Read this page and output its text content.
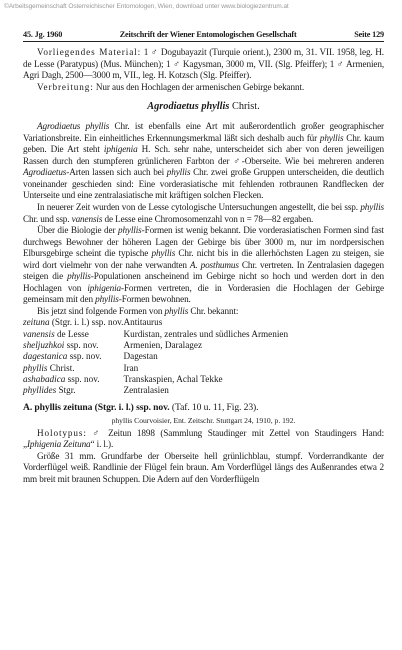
©Arbeitsgemeinschaft Österreichischer Entomologen, Wien, download unter www.biologiezentrum.at
45. Jg. 1960	Zeitschrift der Wiener Entomologischen Gesellschaft	Seite 129

Vorliegendes Material: 1 ♂ Dogubayazit (Turquie orient.), 2300 m, 31. VII. 1958, leg. H. de Lesse (Paratypus) (Mus. München); 1 ♂ Kagysman, 3000 m, VII. (Slg. Pfeiffer); 1 ♂ Armenien, Agri Dagh, 2500—3000 m, VII., leg. H. Kotzsch (Slg. Pfeiffer).

Verbreitung: Nur aus den Hochlagen der armenischen Gebirge bekannt.

Agrodiaetus phyllis Christ.

Agrodiaetus phyllis Chr. ist ebenfalls eine Art mit außerordentlich großer geographischer Variationsbreite. Ein einheitliches Erkennungsmerkmal läßt sich deshalb auch für phyllis Chr. kaum geben. Die Art steht iphigenia H. Sch. sehr nahe, unterscheidet sich aber von deren jeweiligen Rassen durch den stumpferen grünlicheren Farbton der ♂-Oberseite. Wie bei mehreren anderen Agrodiaetus-Arten lassen sich auch bei phyllis Chr. zwei große Gruppen unterscheiden, die deutlich voneinander geschieden sind: Eine vorderasiatische mit fehlenden rotbraunen Randflecken der Unterseite und eine zentralasiatische mit kräftigen solchen Flecken.

In neuerer Zeit wurden von de Lesse cytologische Untersuchungen angestellt, die bei ssp. phyllis Chr. und ssp. vanensis de Lesse eine Chromosomenzahl von n = 78—82 ergaben.

Über die Biologie der phyllis-Formen ist wenig bekannt. Die vorderasiatischen Formen sind fast durchwegs Bewohner der höheren Lagen der Gebirge bis über 3000 m, nur im nordpersischen Elbursgebirge scheint die typische phyllis Chr. nicht bis in die allerhöchsten Lagen zu steigen, sie wird dort vielmehr von der nahe verwandten A. posthumus Chr. vertreten. In Zentralasien dagegen steigen die phyllis-Populationen anscheinend im Gebirge nicht so hoch und werden dort in den Hochlagen von iphigenia-Formen vertreten, die in Vorderasien die Hochlagen der Gebirge gemeinsam mit den phyllis-Formen bewohnen.

Bis jetzt sind folgende Formen von phyllis Chr. bekannt:

zeituna (Stgr. i. l.) ssp. nov.	Antitaurus
vanensis de Lesse	Kurdistan, zentrales und südliches Armenien
sheljuzhkoi ssp. nov.	Armenien, Daralagez
dagestanica ssp. nov.	Dagestan
phyllis Christ.	Iran
ashabadica ssp. nov.	Transkaspien, Achal Tekke
phyllides Stgr.	Zentralasien
A. phyllis zeituna (Stgr. i. l.) ssp. nov. (Taf. 10 u. 11, Fig. 23).
phyllis Courvoisier, Ent. Zeitschr. Stuttgart 24, 1910, p. 192.

Holotypus: ♂ Zeitun 1898 (Sammlung Staudinger mit Zettel von Staudingers Hand: „Iphigenia Zeituna“ i. l.).

Größe 31 mm. Grundfarbe der Oberseite hell grünlichblau, stumpf. Vorderrandkante der Vorderflügel weiß. Randlinie der Flügel fein braun. Am Vorderflügel längs des Außenrandes etwa 2 mm breit mit braunen Schuppen. Die Adern auf den Vorderflügeln
